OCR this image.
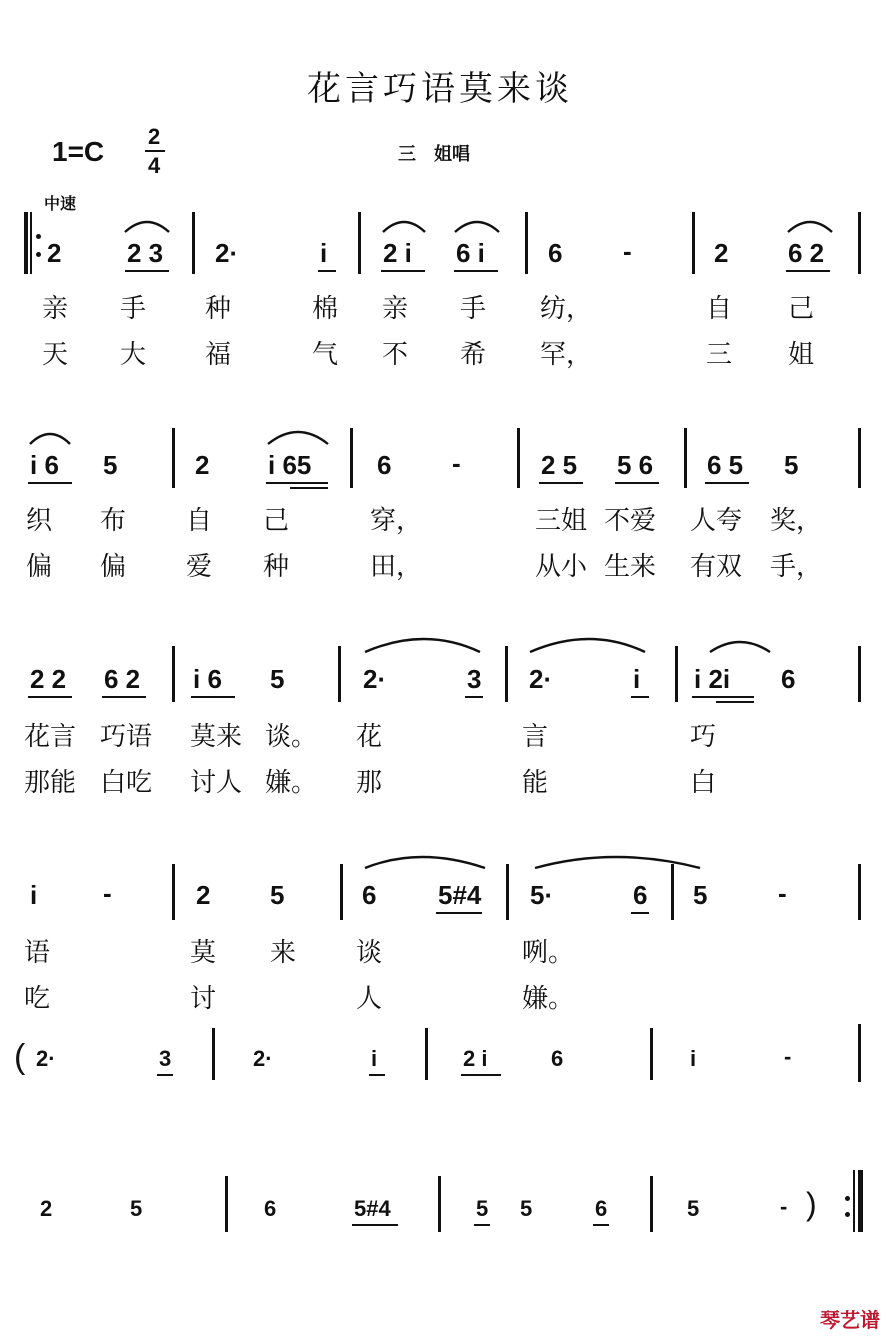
花言巧语莫来谈
1=C 2
4	三　姐唱
中速
2	2 3 2·	i 2 i 6 i 6 -	2 6 2
亲 手 种	棉 亲 手 纺，	自 己
天 大 福	气 不 希 罕，	三 姐
i 6 5	2 i 65	6 -	2 5 5 6 6 5 5
织 布 自 己	穿，	三姐 不爱 人夸 奖，
偏 偏 爱 种	田，	从小 生来 有双 手，
2 2 6 2 i 6 5	2·	3 2·	i i 2i 6
花言 巧语 莫来 谈。 花	言	巧
那能 白吃 讨人 嫌。 那	能	白
i	-	2 5	6 5#4 5·	6 5	-
语	莫 来 谈	咧。
吃	讨	人	嫌。
( 2·	3	2·	i	2 i	6	i	-
2	5	6	5#4	5 5	6	5	- )
琴艺谱
